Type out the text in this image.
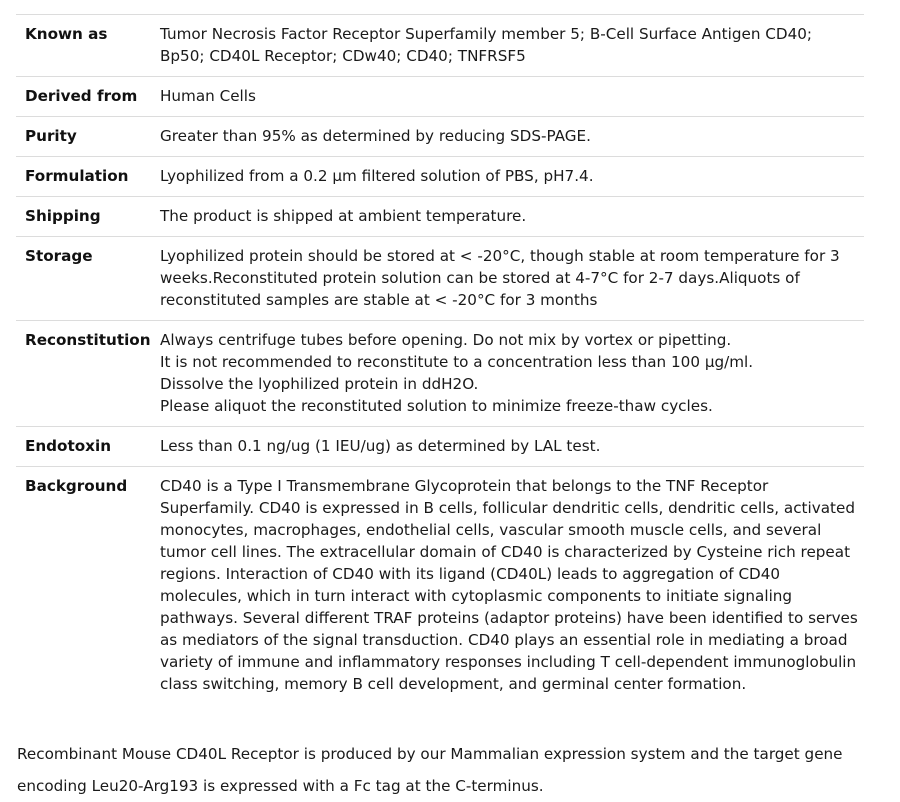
Known as	Tumor Necrosis Factor Receptor Superfamily member 5; B-Cell Surface Antigen CD40; Bp50; CD40L Receptor; CDw40; CD40; TNFRSF5

Derived from	Human Cells

Purity	Greater than 95% as determined by reducing SDS-PAGE.

Formulation	Lyophilized from a 0.2 μm filtered solution of PBS, pH7.4.

Shipping	The product is shipped at ambient temperature.

Storage	Lyophilized protein should be stored at < -20°C, though stable at room temperature for 3 weeks.Reconstituted protein solution can be stored at 4-7°C for 2-7 days.Aliquots of reconstituted samples are stable at < -20°C for 3 months

Reconstitution	Always centrifuge tubes before opening. Do not mix by vortex or pipetting.
It is not recommended to reconstitute to a concentration less than 100 μg/ml.
Dissolve the lyophilized protein in ddH2O.
Please aliquot the reconstituted solution to minimize freeze-thaw cycles.

Endotoxin	Less than 0.1 ng/ug (1 IEU/ug) as determined by LAL test.

Background	CD40 is a Type I Transmembrane Glycoprotein that belongs to the TNF Receptor Superfamily. CD40 is expressed in B cells, follicular dendritic cells, dendritic cells, activated monocytes, macrophages, endothelial cells, vascular smooth muscle cells, and several tumor cell lines. The extracellular domain of CD40 is characterized by Cysteine rich repeat regions. Interaction of CD40 with its ligand (CD40L) leads to aggregation of CD40 molecules, which in turn interact with cytoplasmic components to initiate signaling pathways. Several different TRAF proteins (adaptor proteins) have been identified to serves as mediators of the signal transduction. CD40 plays an essential role in mediating a broad variety of immune and inflammatory responses including T cell-dependent immunoglobulin class switching, memory B cell development, and germinal center formation.
Recombinant Mouse CD40L Receptor is produced by our Mammalian expression system and the target gene encoding Leu20-Arg193 is expressed with a Fc tag at the C-terminus.
